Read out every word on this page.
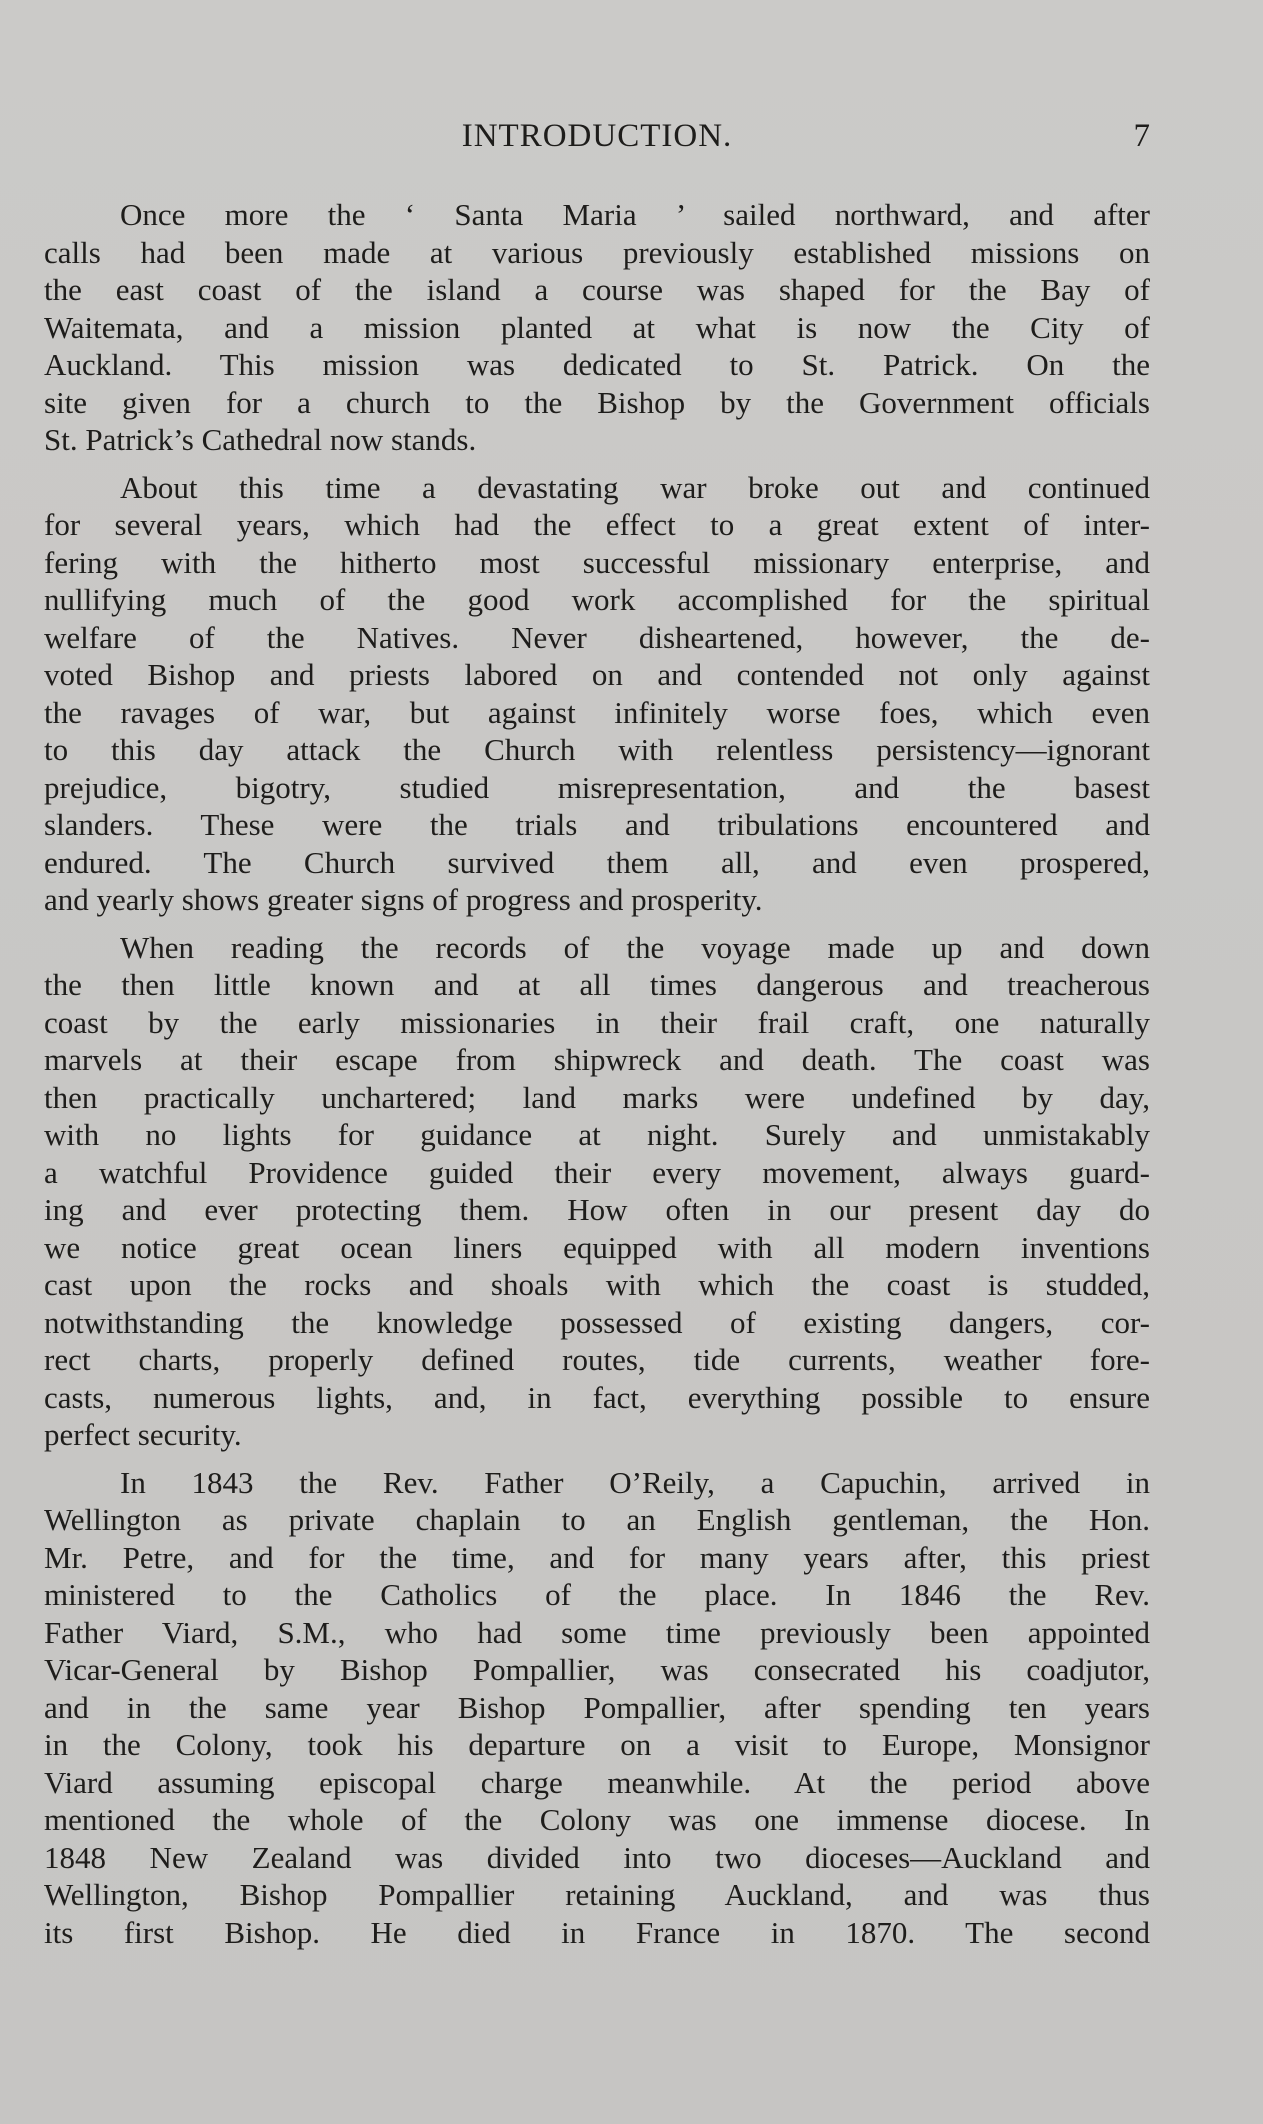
INTRODUCTION.	7
Once more the ‘ Santa Maria ’ sailed northward, and after
calls had been made at various previously established missions on
the east coast of the island a course was shaped for the Bay of
Waitemata, and a mission planted at what is now the City of
Auckland. This mission was dedicated to St. Patrick. On the
site given for a church to the Bishop by the Government officials
St. Patrick’s Cathedral now stands.
About this time a devastating war broke out and continued
for several years, which had the effect to a great extent of inter-
fering with the hitherto most successful missionary enterprise, and
nullifying much of the good work accomplished for the spiritual
welfare of the Natives. Never disheartened, however, the de-
voted Bishop and priests labored on and contended not only against
the ravages of war, but against infinitely worse foes, which even
to this day attack the Church with relentless persistency—ignorant
prejudice, bigotry, studied misrepresentation, and the basest
slanders. These were the trials and tribulations encountered and
endured. The Church survived them all, and even prospered,
and yearly shows greater signs of progress and prosperity.
When reading the records of the voyage made up and down
the then little known and at all times dangerous and treacherous
coast by the early missionaries in their frail craft, one naturally
marvels at their escape from shipwreck and death. The coast was
then practically unchartered; land marks were undefined by day,
with no lights for guidance at night. Surely and unmistakably
a watchful Providence guided their every movement, always guard-
ing and ever protecting them. How often in our present day do
we notice great ocean liners equipped with all modern inventions
cast upon the rocks and shoals with which the coast is studded,
notwithstanding the knowledge possessed of existing dangers, cor-
rect charts, properly defined routes, tide currents, weather fore-
casts, numerous lights, and, in fact, everything possible to ensure
perfect security.
In 1843 the Rev. Father O’Reily, a Capuchin, arrived in
Wellington as private chaplain to an English gentleman, the Hon.
Mr. Petre, and for the time, and for many years after, this priest
ministered to the Catholics of the place. In 1846 the Rev.
Father Viard, S.M., who had some time previously been appointed
Vicar-General by Bishop Pompallier, was consecrated his coadjutor,
and in the same year Bishop Pompallier, after spending ten years
in the Colony, took his departure on a visit to Europe, Monsignor
Viard assuming episcopal charge meanwhile. At the period above
mentioned the whole of the Colony was one immense diocese. In
1848 New Zealand was divided into two dioceses—Auckland and
Wellington, Bishop Pompallier retaining Auckland, and was thus
its first Bishop. He died in France in 1870. The second
